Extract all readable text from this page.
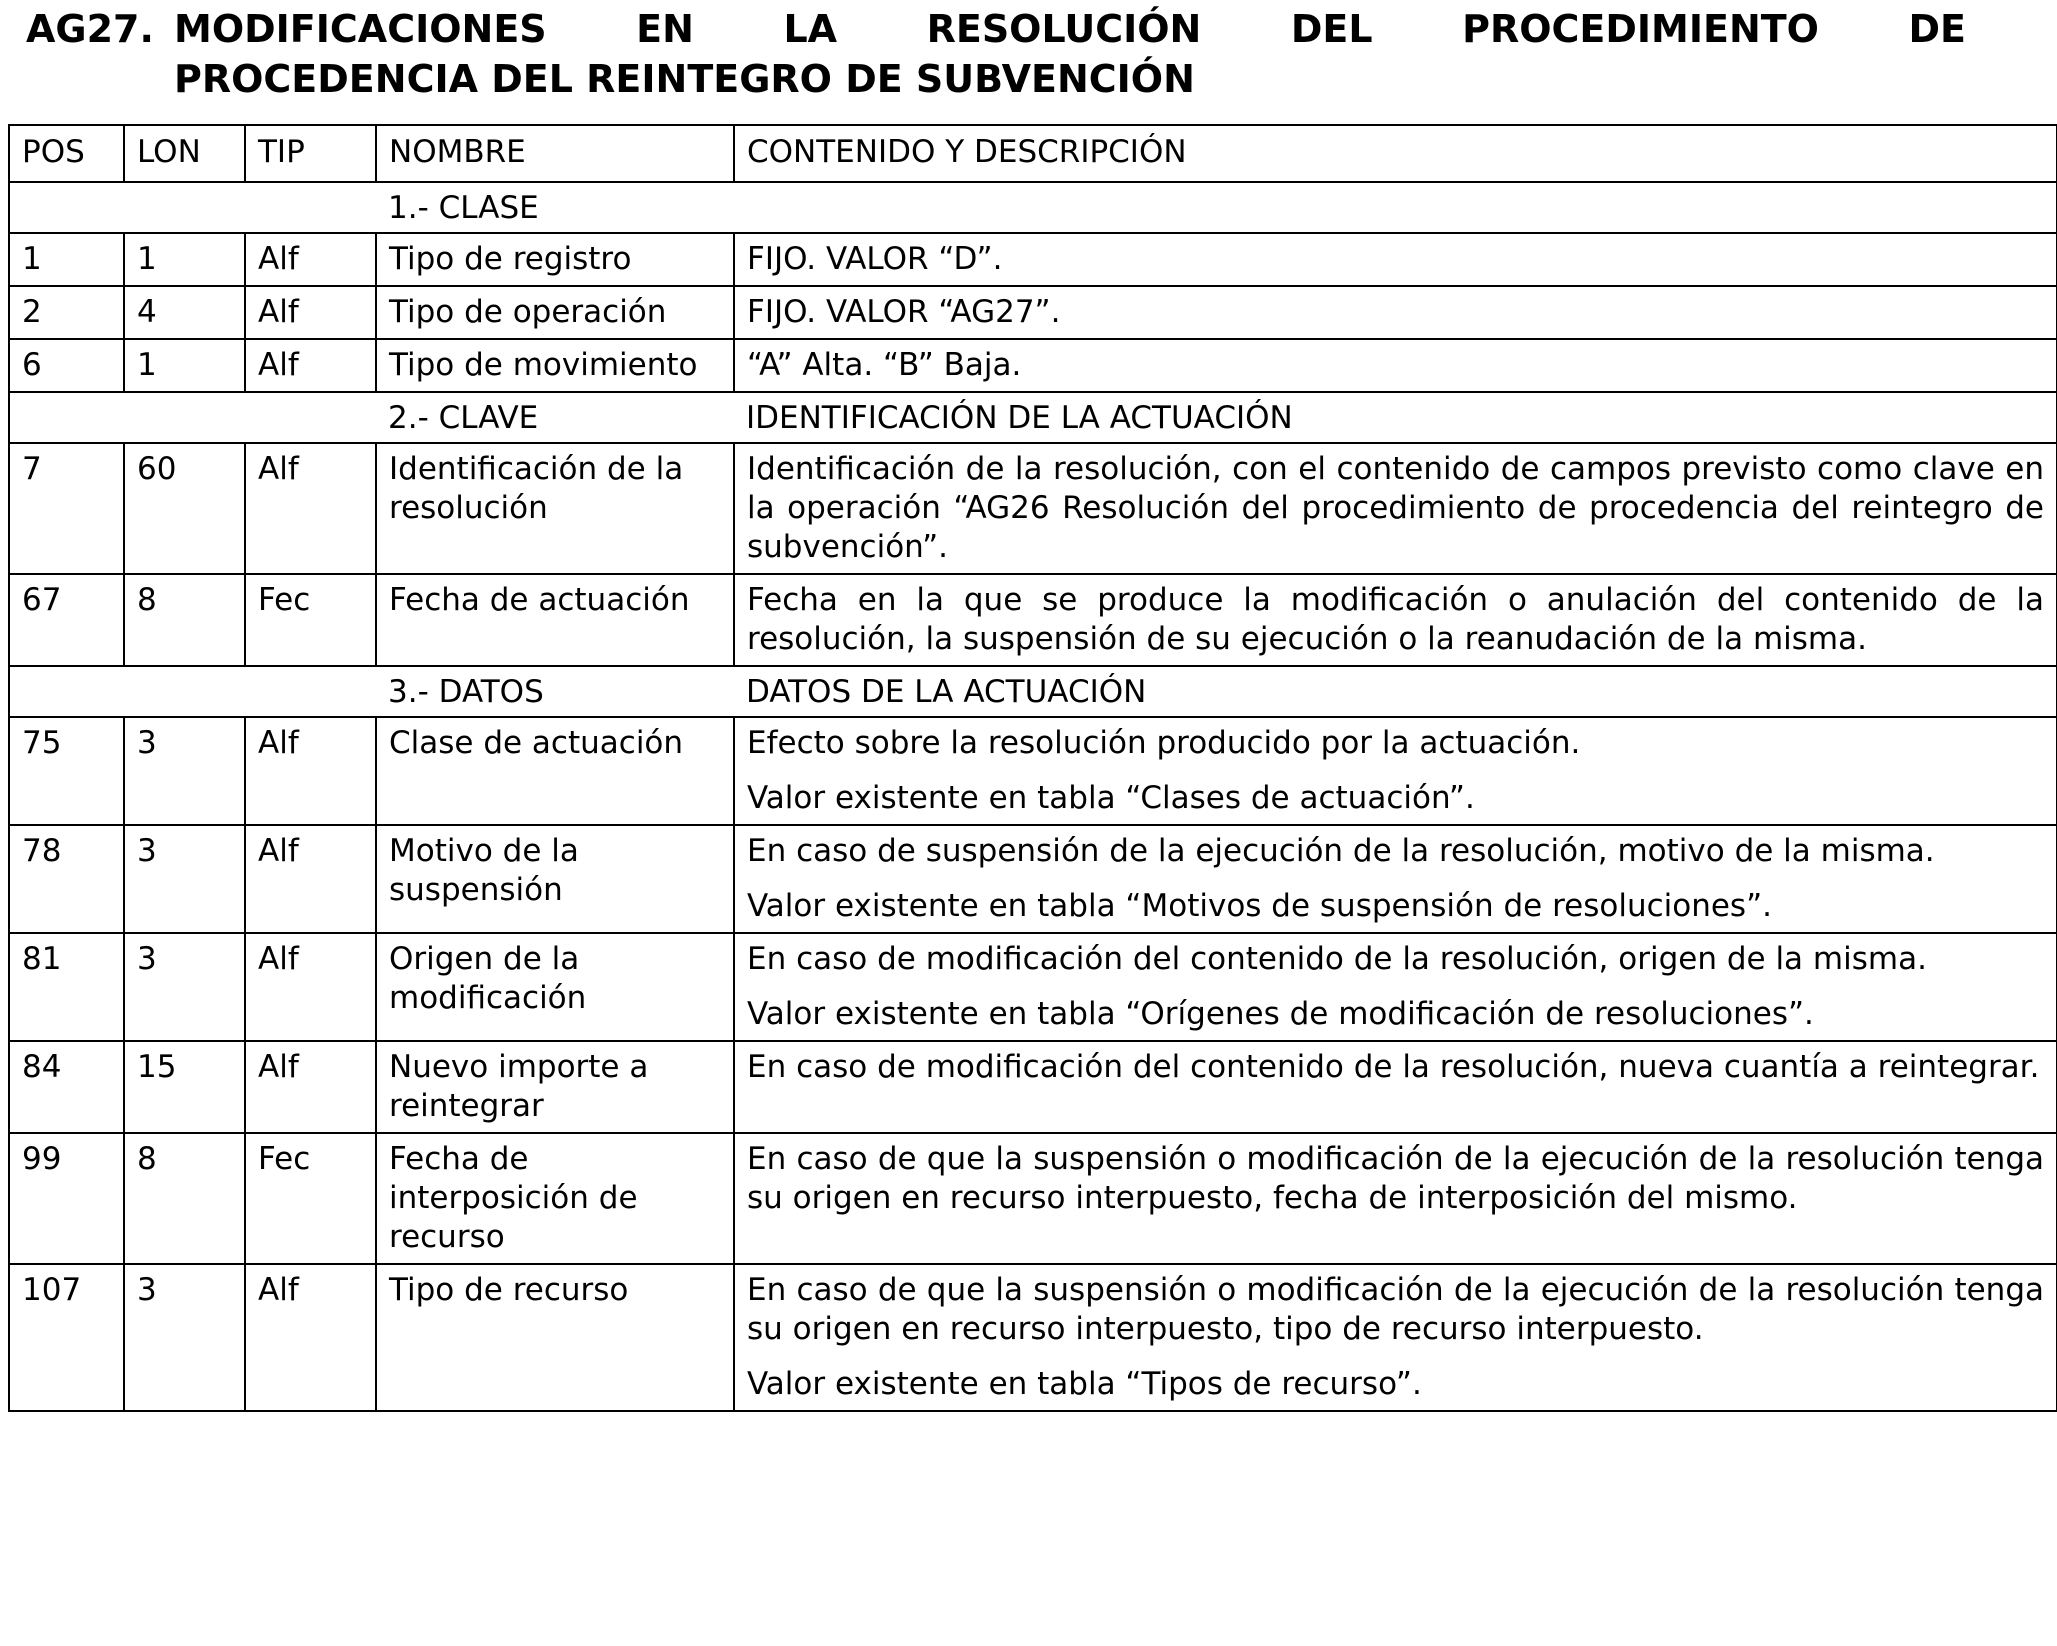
AG27. MODIFICACIONES EN LA RESOLUCIÓN DEL PROCEDIMIENTO DE
PROCEDENCIA DEL REINTEGRO DE SUBVENCIÓN
POS	LON	TIP	NOMBRE	CONTENIDO Y DESCRIPCIÓN
			1.- CLASE	
1	1	Alf	Tipo de registro	FIJO. VALOR “D”.

2	4	Alf	Tipo de operación	FIJO. VALOR “AG27”.

6	1	Alf	Tipo de movimiento	“A” Alta. “B” Baja.

			2.- CLAVE	IDENTIFICACIÓN DE LA ACTUACIÓN
7	60	Alf	Identificación de la resolución	Identificación de la resolución, con el contenido de campos previsto como clave en la operación “AG26 Resolución del procedimiento de procedencia del reintegro de subvención”.

67	8	Fec	Fecha de actuación	Fecha en la que se produce la modificación o anulación del contenido de la resolución, la suspensión de su ejecución o la reanudación de la misma.

			3.- DATOS	DATOS DE LA ACTUACIÓN
75	3	Alf	Clase de actuación	Efecto sobre la resolución producido por la actuación.

Valor existente en tabla “Clases de actuación”.

78	3	Alf	Motivo de la suspensión	En caso de suspensión de la ejecución de la resolución, motivo de la misma.

Valor existente en tabla “Motivos de suspensión de resoluciones”.

81	3	Alf	Origen de la modificación	En caso de modificación del contenido de la resolución, origen de la misma.

Valor existente en tabla “Orígenes de modificación de resoluciones”.

84	15	Alf	Nuevo importe a reintegrar	En caso de modificación del contenido de la resolución, nueva cuantía a reintegrar.

99	8	Fec	Fecha de interposición de recurso	En caso de que la suspensión o modificación de la ejecución de la resolución tenga su origen en recurso interpuesto, fecha de interposición del mismo.

107	3	Alf	Tipo de recurso	En caso de que la suspensión o modificación de la ejecución de la resolución tenga su origen en recurso interpuesto, tipo de recurso interpuesto.

Valor existente en tabla “Tipos de recurso”.
